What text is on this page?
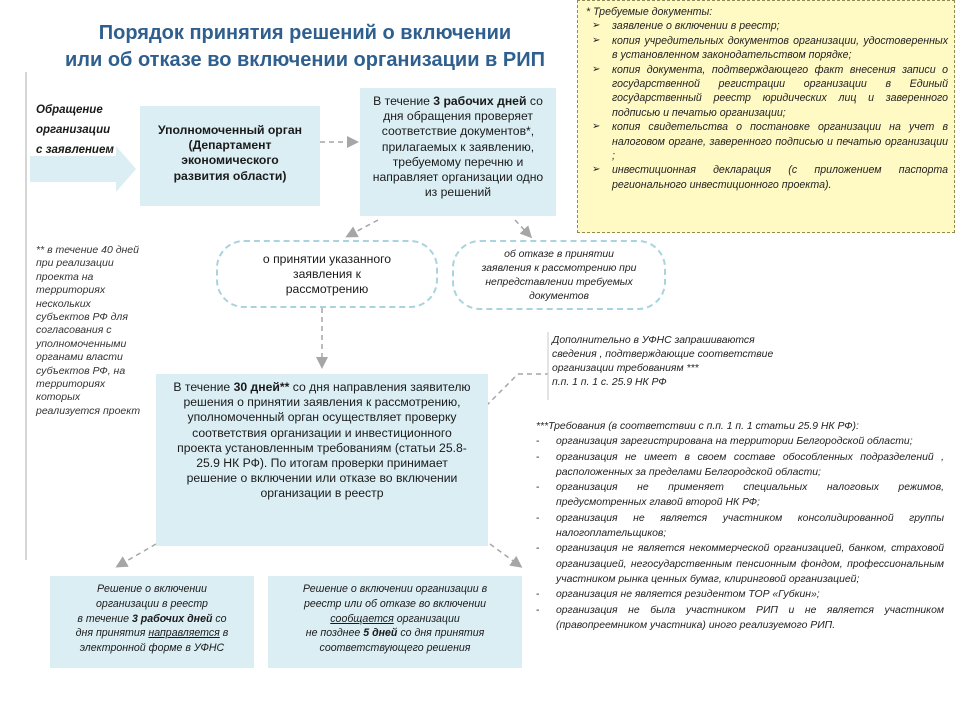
Порядок принятия решений о включении
или об отказе во включении организации в РИП
* Требуемые документы:
➢ заявление о включении в реестр;
➢ копия учредительных документов организации, удостоверенных в установленном законодательством порядке;
➢ копия документа, подтверждающего факт внесения записи о государственной регистрации организации в Единый государственный реестр юридических лиц и заверенного подписью и печатью организации;
➢ копия свидетельства о постановке организации на учет в налоговом органе, заверенного подписью и печатью организации ;
➢ инвестиционная декларация (с приложением паспорта регионального инвестиционного проекта).
Обращение
организации
с заявлением
Уполномоченный орган
(Департамент
экономического
развития области)
В течение 3 рабочих дней со дня обращения проверяет соответствие документов*, прилагаемых к заявлению, требуемому перечню и направляет организации одно из решений
о принятии указанного
заявления к
рассмотрению
об отказе в принятии
заявления к рассмотрению при
непредставлении требуемых
документов
** в течение 40 дней при реализации проекта на территориях нескольких субъектов РФ для согласования с уполномоченными органами власти субъектов РФ, на территориях которых реализуется проект
Дополнительно в УФНС запрашиваются
сведения , подтверждающие соответствие
организации требованиям ***
п.п. 1 п. 1 с. 25.9 НК РФ
В течение 30 дней** со дня направления заявителю решения о принятии заявления к рассмотрению, уполномоченный орган осуществляет проверку соответствия организации и инвестиционного проекта установленным требованиям (статьи 25.8-25.9 НК РФ). По итогам проверки принимает решение о включении или отказе во включении организации в реестр
***Требования (в соответствии с п.п. 1 п. 1 статьи 25.9 НК РФ):
- организация зарегистрирована на территории Белгородской области;
- организация не имеет в своем составе обособленных подразделений , расположенных за пределами Белгородской области;
- организация не применяет специальных налоговых режимов, предусмотренных главой второй НК РФ;
- организация не является участником консолидированной группы налогоплательщиков;
- организация не является некоммерческой организацией, банком, страховой организацией, негосударственным пенсионным фондом, профессиональным участником рынка ценных бумаг, клиринговой организацией;
- организация не является резидентом ТОР «Губкин»;
- организация не была участником РИП и не является участником (правопреемником участника) иного реализуемого РИП.
Решение о включении
организации в реестр
в течение 3 рабочих дней со
дня принятия направляется в
электронной форме в УФНС
Решение о включении организации в
реестр или об отказе во включении
сообщается организации
не позднее 5 дней со дня принятия
соответствующего решения
